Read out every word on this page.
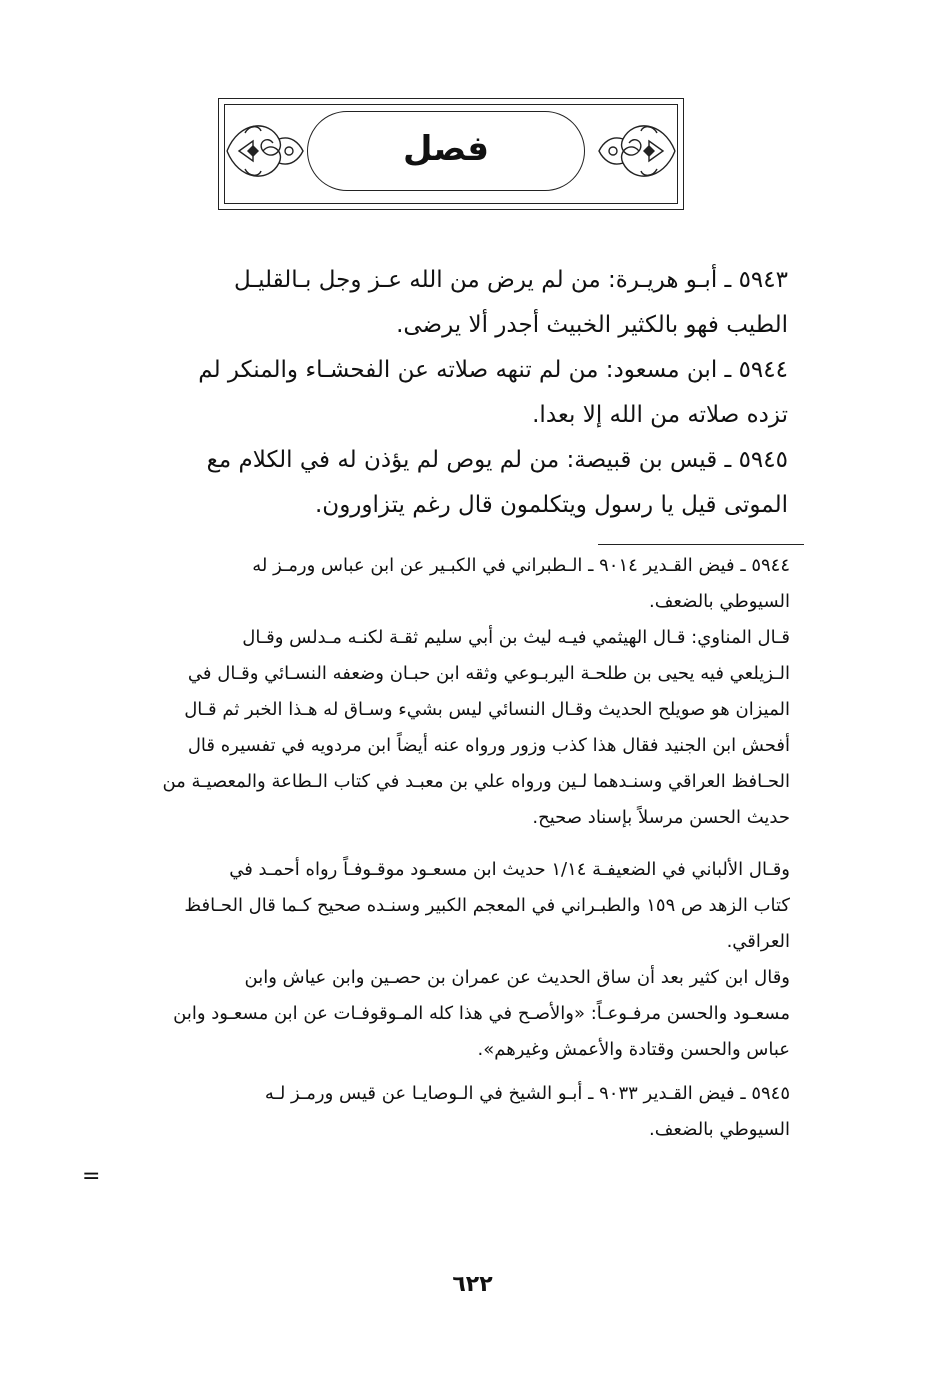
فصل
٥٩٤٣ ـ أبـو هريـرة: من لم يرض من الله عـز وجل بـالقليـل
الطيب فهو بالكثير الخبيث أجدر ألا يرضى.
٥٩٤٤ ـ ابن مسعود: من لم تنهه صلاته عن الفحشـاء والمنكر لم
تزده صلاته من الله إلا بعدا.
٥٩٤٥ ـ قيس بن قبيصة: من لم يوص لم يؤذن له في الكلام مع
الموتى قيل يا رسول ويتكلمون قال رغم يتزاورون.
٥٩٤٤ ـ فيض القـدير ٩٠١٤ ـ الـطبراني في الكبـير عن ابن عباس ورمـز له
السيوطي بالضعف.
قـال المناوي: قـال الهيثمي فيـه ليث بن أبي سليم ثقـة لكنـه مـدلس وقـال
الـزيلعي فيه يحيى بن طلحـة اليربـوعي وثقه ابن حبـان وضعفه النسـائي وقـال في
الميزان هو صويلح الحديث وقـال النسائي ليس بشيء وسـاق له هـذا الخبر ثم قـال
أفحش ابن الجنيد فقال هذا كذب وزور ورواه عنه أيضاً ابن مردويه في تفسيره قال
الحـافظ العراقي وسنـدهما لـين ورواه علي بن معبـد في كتاب الـطاعة والمعصيـة من
حديث الحسن مرسلاً بإسناد صحيح.
وقـال الألباني في الضعيفـة ١/١٤ حديث ابن مسعـود موقـوفـاً رواه أحمـد في
كتاب الزهد ص ١٥٩ والطبـراني في المعجم الكبير وسنـده صحيح كـما قال الحـافظ
العراقي.
وقال ابن كثير بعد أن ساق الحديث عن عمران بن حصـين وابن عياش وابن
مسعـود والحسن مرفـوعـاً: «والأصـح في هذا كله المـوقوفـات عن ابن مسعـود وابن
عباس والحسن وقتادة والأعمش وغيرهم».
٥٩٤٥ ـ فيض القـدير ٩٠٣٣ ـ أبـو الشيخ في الـوصايـا عن قيس ورمـز لـه
السيوطي بالضعف.
=
٦٢٢
